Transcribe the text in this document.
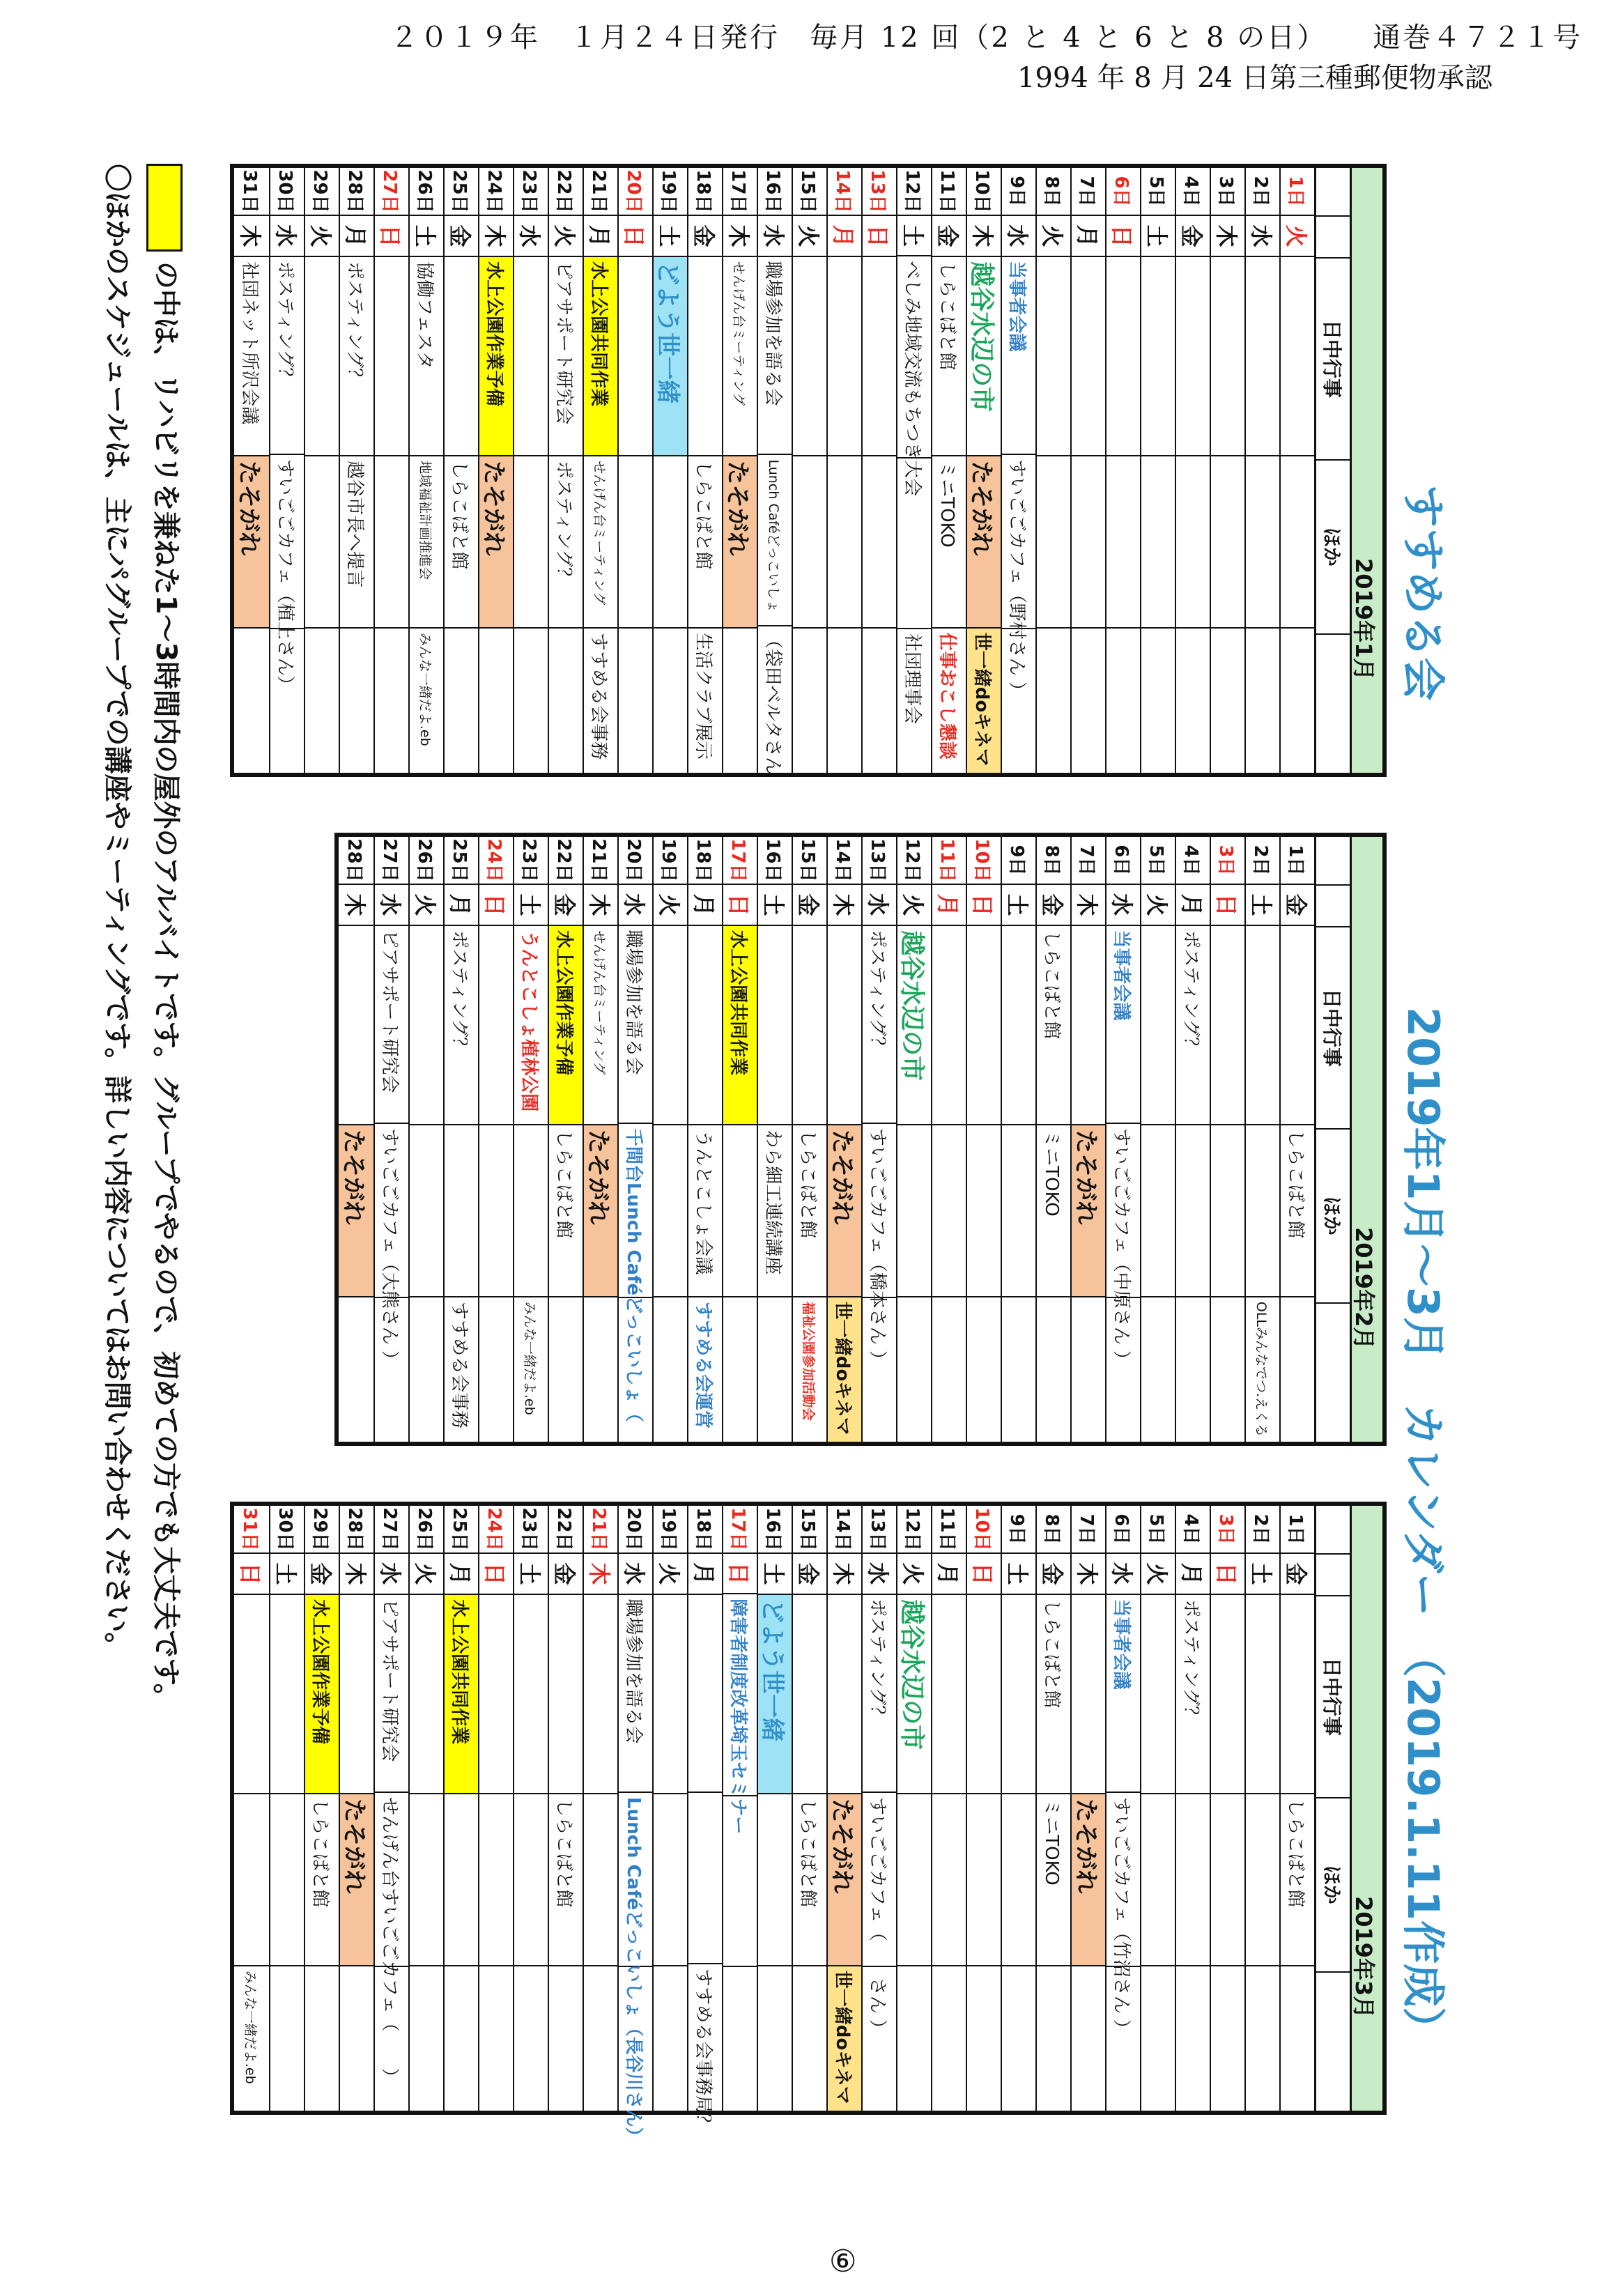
２０１９年　１月２４日発行　毎月 12 回（2 と 4 と 6 と 8 の日）　　通巻４７２１号
1994 年 8 月 24 日第三種郵便物承認
すすめる会
2019年1月～3月　カレンダー
（2019.1.11作成）
2019年1月
日中行事
ほか
1日
火
2日
水
3日
木
4日
金
5日
土
6日
日
7日
月
8日
火
9日
水
当事者会議
すいごごカフェ（野村さん ）
10日
木
越谷水辺の市
たそがれ
世一緒doキネマ
11日
金
しらこばと館
ミニTOKO
仕事おこし懇談
12日
土
べしみ地域交流もちつき大会
社団理事会
13日
日
14日
月
15日
火
16日
水
職場参加を語る会
Lunch Caféどっこいしょ
（袋田ベルタさん
17日
木
せんげん台ミーティング
たそがれ
18日
金
しらこばと館
生活クラブ展示
19日
土
どよう世一緒
20日
日
21日
月
水上公園共同作業
せんげん台ミーティング
すすめる会事務
22日
火
ピアサポート研究会
ポスティング？
23日
水
24日
木
水上公園作業予備
たそがれ
25日
金
しらこばと館
26日
土
協働フェスタ
地域福祉計画推進会
みんな一緒だよ.eb
27日
日
28日
月
ポスティング？
越谷市長へ提言
29日
火
30日
水
ポスティング？
すいごごカフェ（植上さん）
31日
木
社団ネット所沢会議
たそがれ
2019年2月
日中行事
ほか
1日
金
しらこばと館
2日
土
OLLみんなでつ.えくる
3日
日
4日
月
ポスティング？
5日
火
6日
水
当事者会議
すいごごカフェ（中原さん ）
7日
木
たそがれ
8日
金
しらこばと館
ミニTOKO
9日
土
10日
日
11日
月
12日
火
越谷水辺の市
13日
水
ポスティング？
すいごごカフェ（橋本さん ）
14日
木
たそがれ
世一緒doキネマ
15日
金
しらこばと館
福祉公園参加活動会
16日
土
わら細工連続講座
17日
日
水上公園共同作業
18日
月
うんとこしょ会議
すすめる会運営
19日
火
20日
水
職場参加を語る会
千間台Lunch Caféどっこいしょ（
21日
木
せんげん台ミーティング
たそがれ
22日
金
水上公園作業予備
しらこばと館
23日
土
うんとこしょ植林公園
みんな一緒だよ.eb
24日
日
25日
月
ポスティング？
すすめる会事務
26日
火
27日
水
ピアサポート研究会
すいごごカフェ（大熊さん ）
28日
木
たそがれ
2019年3月
日中行事
ほか
1日
金
しらこばと館
2日
土
3日
日
4日
月
ポスティング？
5日
火
6日
水
当事者会議
すいごごカフェ（竹沼さん ）
7日
木
たそがれ
8日
金
しらこばと館
ミニTOKO
9日
土
10日
日
11日
月
12日
火
越谷水辺の市
13日
水
ポスティング？
すいごごカフェ（　　さん ）
14日
木
たそがれ
世一緒doキネマ
15日
金
しらこばと館
16日
土
どよう世一緒
17日
日
障害者制度改革埼玉セミナー
18日
月
すすめる会事務局？
19日
火
20日
水
職場参加を語る会
Lunch Caféどっこいしょ（長谷川さん）
21日
木
22日
金
しらこばと館
23日
土
24日
日
25日
月
水上公園共同作業
26日
火
27日
水
ピアサポート研究会
せんげん台すいごごカフェ（　　）
28日
木
たそがれ
29日
金
水上公園作業予備
しらこばと館
30日
土
31日
日
みんな一緒だよ.eb
の中は、リハビリを兼ねた1～3時間内の屋外のアルバイトです。グループでやるので、初めての方でも大丈夫です。
〇ほかのスケジュールは、主にパグループでの講座やミーティングです。詳しい内容についてはお問い合わせください。
⑥
